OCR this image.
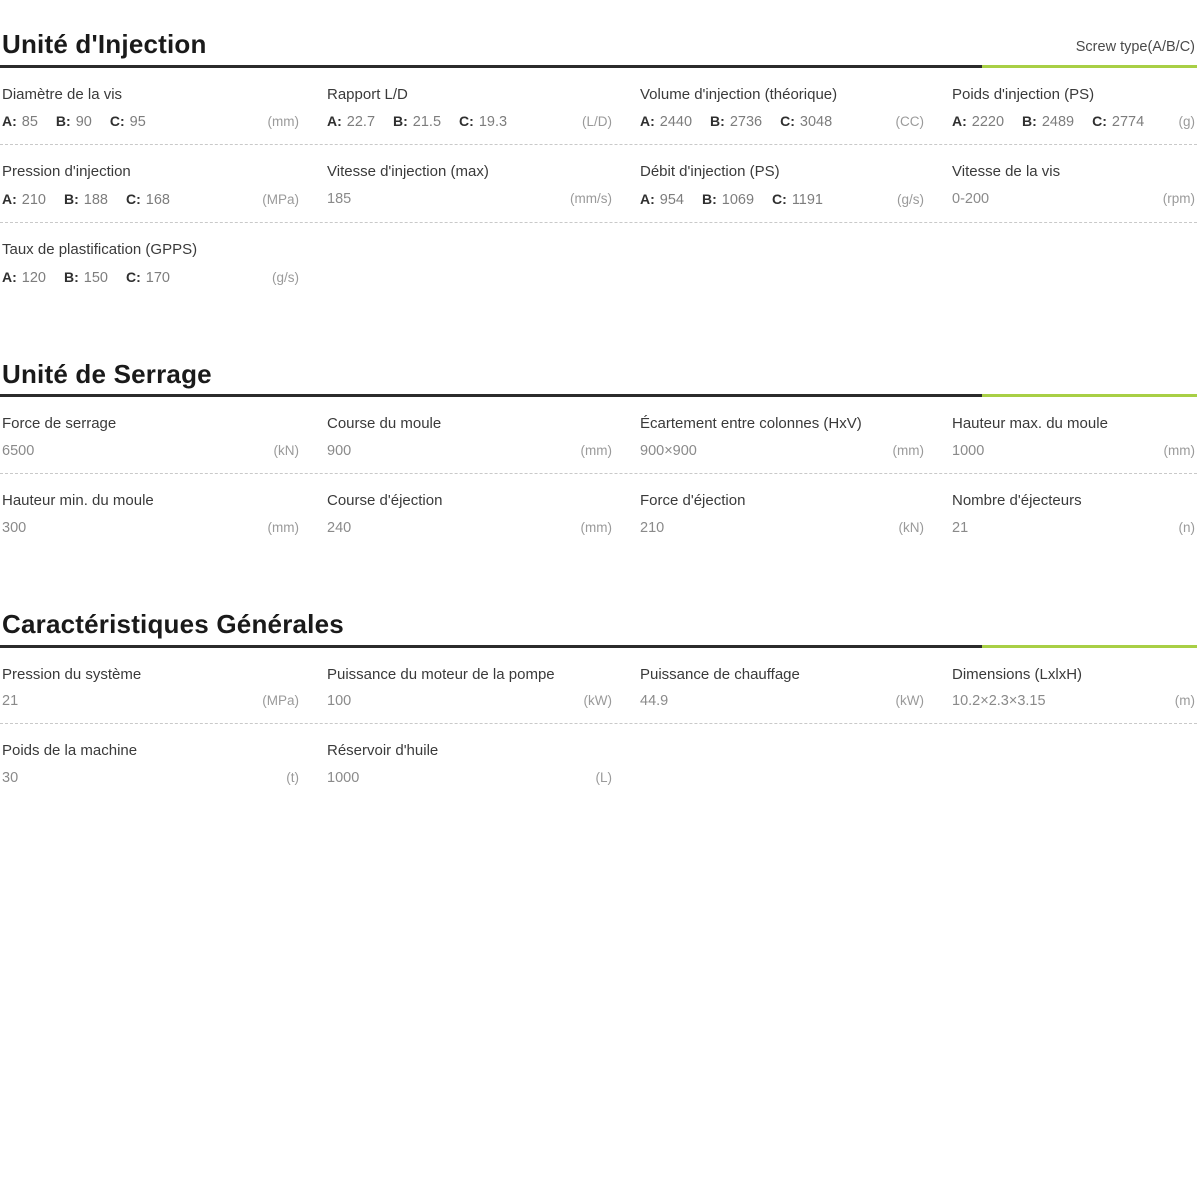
Unité d'Injection	Screw type(A/B/C)
Diamètre de la vis
A: 85 B: 90 C: 95	(mm)
Rapport L/D
A: 22.7 B: 21.5 C: 19.3	(L/D)
Volume d'injection (théorique)
A: 2440 B: 2736 C: 3048	(CC)
Poids d'injection (PS)
A: 2220 B: 2489 C: 2774	(g)
Pression d'injection
A: 210 B: 188 C: 168	(MPa)
Vitesse d'injection (max)
185	(mm/s)
Débit d'injection (PS)
A: 954 B: 1069 C: 1191	(g/s)
Vitesse de la vis
0-200	(rpm)
Taux de plastification (GPPS)
A: 120 B: 150 C: 170	(g/s)

Unité de Serrage
Force de serrage
6500	(kN)
Course du moule
900	(mm)
Écartement entre colonnes (HxV)
900×900	(mm)
Hauteur max. du moule
1000	(mm)
Hauteur min. du moule
300	(mm)
Course d'éjection
240	(mm)
Force d'éjection
210	(kN)
Nombre d'éjecteurs
21	(n)
Caractéristiques Générales
Pression du système
21	(MPa)
Puissance du moteur de la pompe
100	(kW)
Puissance de chauffage
44.9	(kW)
Dimensions (LxlxH)
10.2×2.3×3.15	(m)
Poids de la machine
30	(t)
Réservoir d'huile
1000	(L)
